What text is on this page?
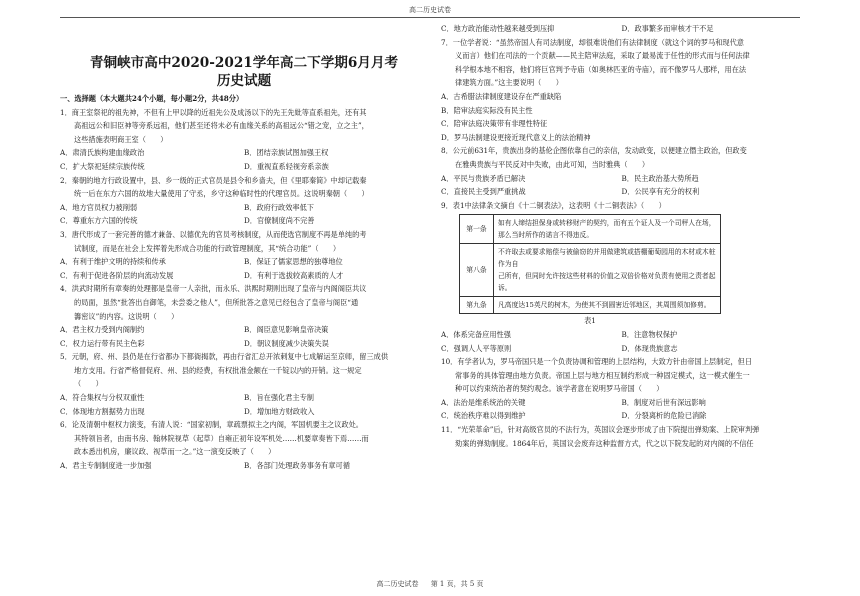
高二历史试卷
青铜峡市高中2020-2021学年高二下学期6月月考
历史试题
一、选择题（本大题共24个小题，每小题2分，共48分）
1．商王室祭祀的祖先神，不但有上甲以降的近祖先公及成汤以下的先王先妣等直系祖先，还有其
高祖远公和旧臣神等旁系远祖，他们甚至还将未必有血缘关系的高祖远公“错之宠，立之主”，
这些措施表明商王室（　　）
A．肃清氏族构建血缘政治	B．团结亲族试图加强王权
C．扩大祭祀延续宗族传统	D．重视直系轻视旁系亲族
2．秦朝的地方行政设置中，县、乡一级的正式官员是县令和乡啬夫，但《里耶秦简》中却记载秦
统一后在东方六国的故地大量使用了守丞，乡守这种临时性的代理官员。这说明秦朝（　　）
A．地方官员权力被削弱	B．政府行政效率低下
C．尊重东方六国的传统	D．官僚制度尚不完善
3．唐代形成了一套完善的德才兼备、以德优先的官员考核制度，从而使选官制度不再是单纯的考
试制度，而是在社会上发挥着先形成合功能的行政管理制度，其“统合功能”（　　）
A．有利于维护文明的持续和传承	B．保证了儒家思想的独尊地位
C．有利于促进各阶层的向流动发展	D．有利于选拔较高素质的人才
4．洪武时期所有章奏的处理都是皇帝一人亲批，而永乐、洪熙时期则出现了皇帝与内阁阁臣共议
的局面，虽然“批答出自御笔，未尝委之他人”，但所批答之意见已经包含了皇帝与阁臣“通
籌密议”的内容。这说明（　　）
A．君主权力受到内阁制约	B．阁臣意见影响皇帝决策
C．权力运行带有民主色彩	D．朝议制度减少决策失误
5．元朝，府、州、县仍是在行省都办下都衙揭款，再由行省汇总开浓刺复中七成解运至京师，留三成供
地方支用。行省严格督促府、州、县的经费，有权批准金额在一千锭以内的开销。这一规定
（　　）
A．符合集权与分权双重性	B．旨在强化君主专制
C．体现地方割据势力出现	D．增加地方财政收入
6．论及清朝中枢权力演变，有清人说：“国家初制，章疏票拟主之内阁，军国机要主之议政处。
其特领旨者，由南书房、翰林院视草（起草）自雍正初年设军机处……机要章奏皆下焉……而
政本悉出机房，廉议政、视草而一之。”这一演变反映了（　　）
A．君主专制制度进一步加强	B．各部门处理政务事务有章可循
C．地方政治能动性越来越受到压抑	D．政事繁多而审核才干不足
7．一位学者说：“虽然帝国人有司法制度，却很难说他们有法律制度（就这个词的罗马和现代意
义而言）他们在司法的一个贡献——民主陪审法庭，采取了最易流于任性的形式而与任何法律
科学根本地不相容，他们将巨官判予寺庙（如奥林匹亚的寺庙），而不像罗马人那样，用在法
律建筑方面。”这主要说明（　　）
A．古希腊法律制度建设存在严重缺陷
B．陪审法庭实际没有民主性
C．陪审法庭决策带有非理性特征
D．罗马法制建设更接近现代意义上的法治精神
8．公元前631年，贵族出身的基伦企图依靠自己的亲信，发动政变，以便建立僭主政治，但政变
在雅典贵族与平民反对中失败，由此可知，当时雅典（　　）
A．平民与贵族矛盾已解决	B．民主政治基大势所趋
C．直接民主受到严重挑战	D．公民享有充分的权利
9．表1中法律条文摘自《十二铜表法》，这表明《十二铜表法》（　　）
第一条	如有人缔结担保身或转移财产的契约，而有五个证人及一个司秤人在场，
那么当时所作的诺言不得违反。

第八条	不许取去或要求赔偿与被偷窃的并用做建筑或搭棚葡萄园用的木材或木桩作为自
己所有，但同时允许按这些材料的价值之双倍价格对负责有使用之责者起诉。

第九条	凡高度达15英尺的树木，为使其不到圆害近邻地区，其周围须加修剪。
表1
A．体系完备应用性强	B．注意物权保护
C．强调人人平等原则	D．体现贵族意志
10．有学者认为，罗马帝国只是一个负责协调和管理的上层结构，大致方针由帝国上层制定，但日
常事务的具体管理由地方负责。帝国上层与地方相互制约形成一种固定模式，这一模式催生一
种可以约束统治者的契约观念。该学者意在说明罗马帝国（　　）
A．法治是维系统治的关键	B．制度对后世有深远影响
C．统治秩序难以得到维护	D．分裂离析的危险已消除
11．“光荣革命”后，针对高级官员的不法行为，英国议会逐步形成了由下院提出弹劾案、上院审判弹
劾案的弹劾制度。1864年后，英国议会废弃这种监督方式，代之以下院发起的对内阁的不信任
高二历史试卷 第 1 页，共 5 页
